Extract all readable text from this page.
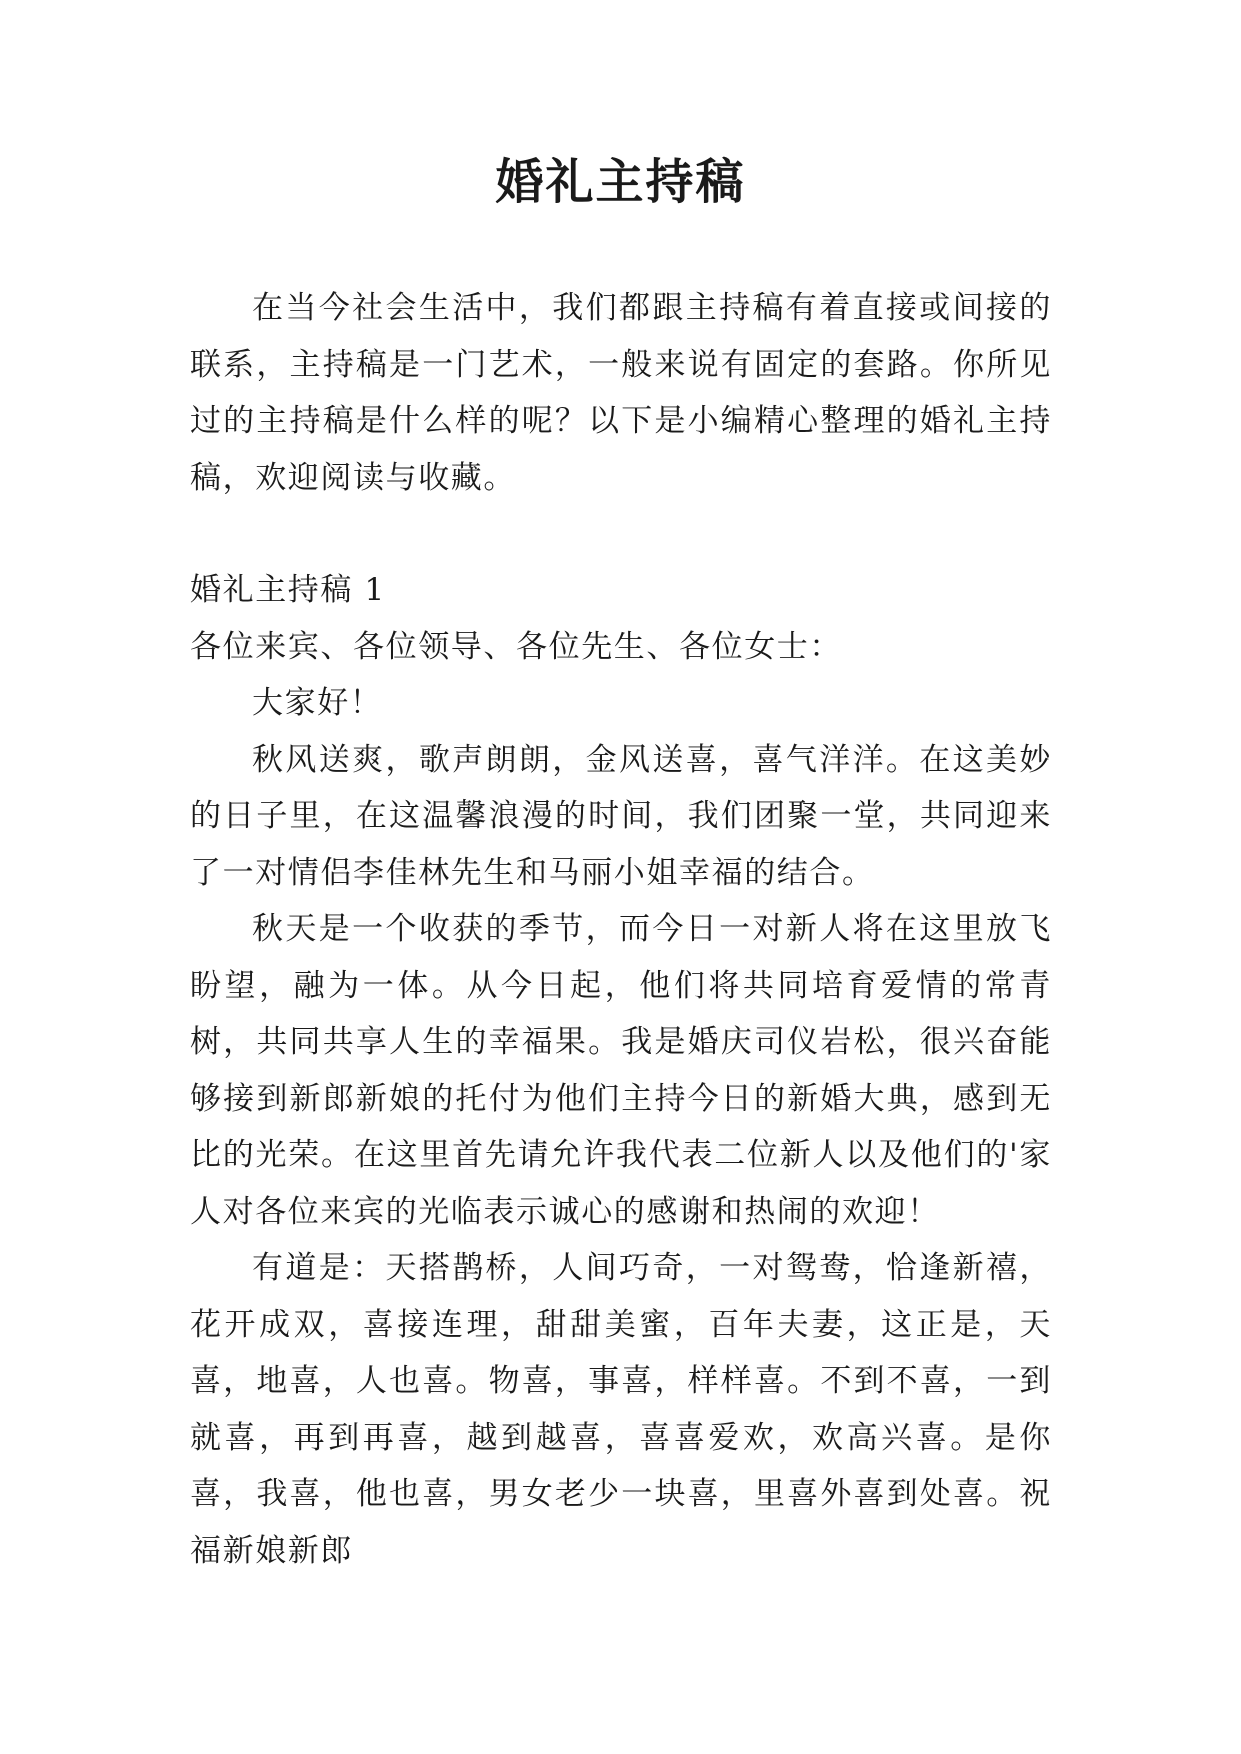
婚礼主持稿

在当今社会生活中，我们都跟主持稿有着直接或间接的联系，主持稿是一门艺术，一般来说有固定的套路。你所见过的主持稿是什么样的呢？以下是小编精心整理的婚礼主持稿，欢迎阅读与收藏。

婚礼主持稿 1

各位来宾、各位领导、各位先生、各位女士：

大家好！

秋风送爽，歌声朗朗，金风送喜，喜气洋洋。在这美妙的日子里，在这温馨浪漫的时间，我们团聚一堂，共同迎来了一对情侣李佳林先生和马丽小姐幸福的结合。

秋天是一个收获的季节，而今日一对新人将在这里放飞盼望，融为一体。从今日起，他们将共同培育爱情的常青树，共同共享人生的幸福果。我是婚庆司仪岩松，很兴奋能够接到新郎新娘的托付为他们主持今日的新婚大典，感到无比的光荣。在这里首先请允许我代表二位新人以及他们的'家人对各位来宾的光临表示诚心的感谢和热闹的欢迎！

有道是：天搭鹊桥，人间巧奇，一对鸳鸯，恰逢新禧，花开成双，喜接连理，甜甜美蜜，百年夫妻，这正是，天喜，地喜，人也喜。物喜，事喜，样样喜。不到不喜，一到就喜，再到再喜，越到越喜，喜喜爱欢，欢高兴喜。是你喜，我喜，他也喜，男女老少一块喜，里喜外喜到处喜。祝福新娘新郎
